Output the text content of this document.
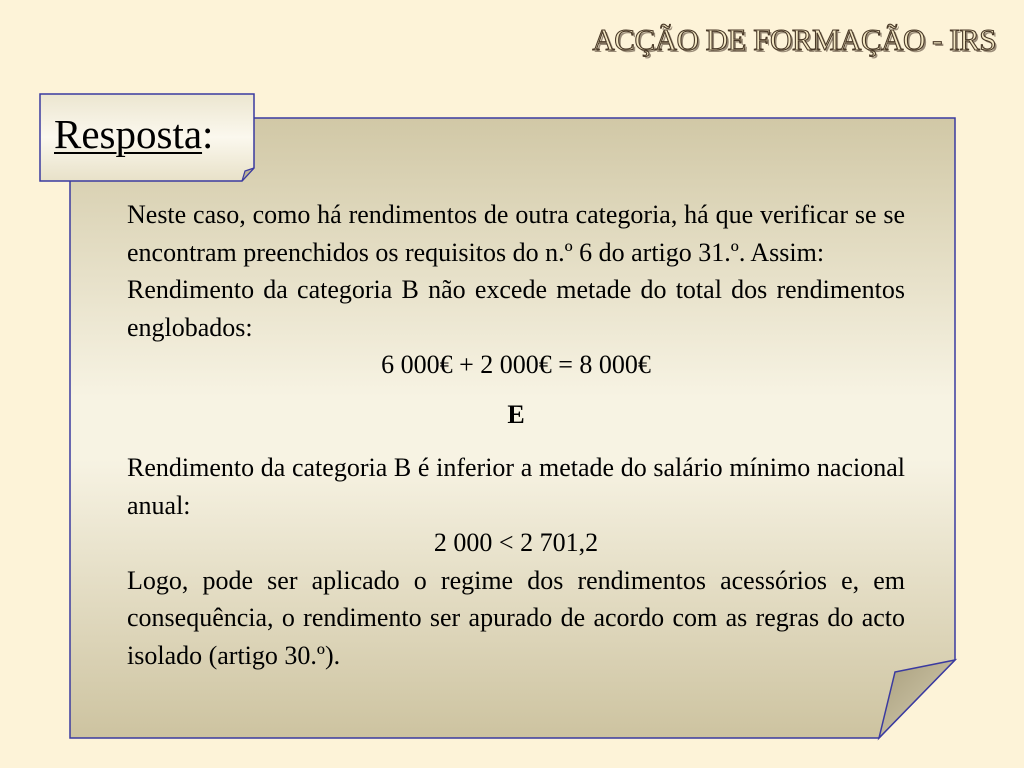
ACÇÃO DE FORMAÇÃO - IRS
Resposta:

Neste caso, como há rendimentos de outra categoria, há que verificar se se encontram preenchidos os requisitos do n.º 6 do artigo 31.º. Assim:

Rendimento da categoria B não excede metade do total dos rendimentos englobados:

6 000€ + 2 000€ = 8 000€

E

Rendimento da categoria B é inferior a metade do salário mínimo nacional anual:

2 000 < 2 701,2

Logo, pode ser aplicado o regime dos rendimentos acessórios e, em consequência, o rendimento ser apurado de acordo com as regras do acto isolado (artigo 30.º).
